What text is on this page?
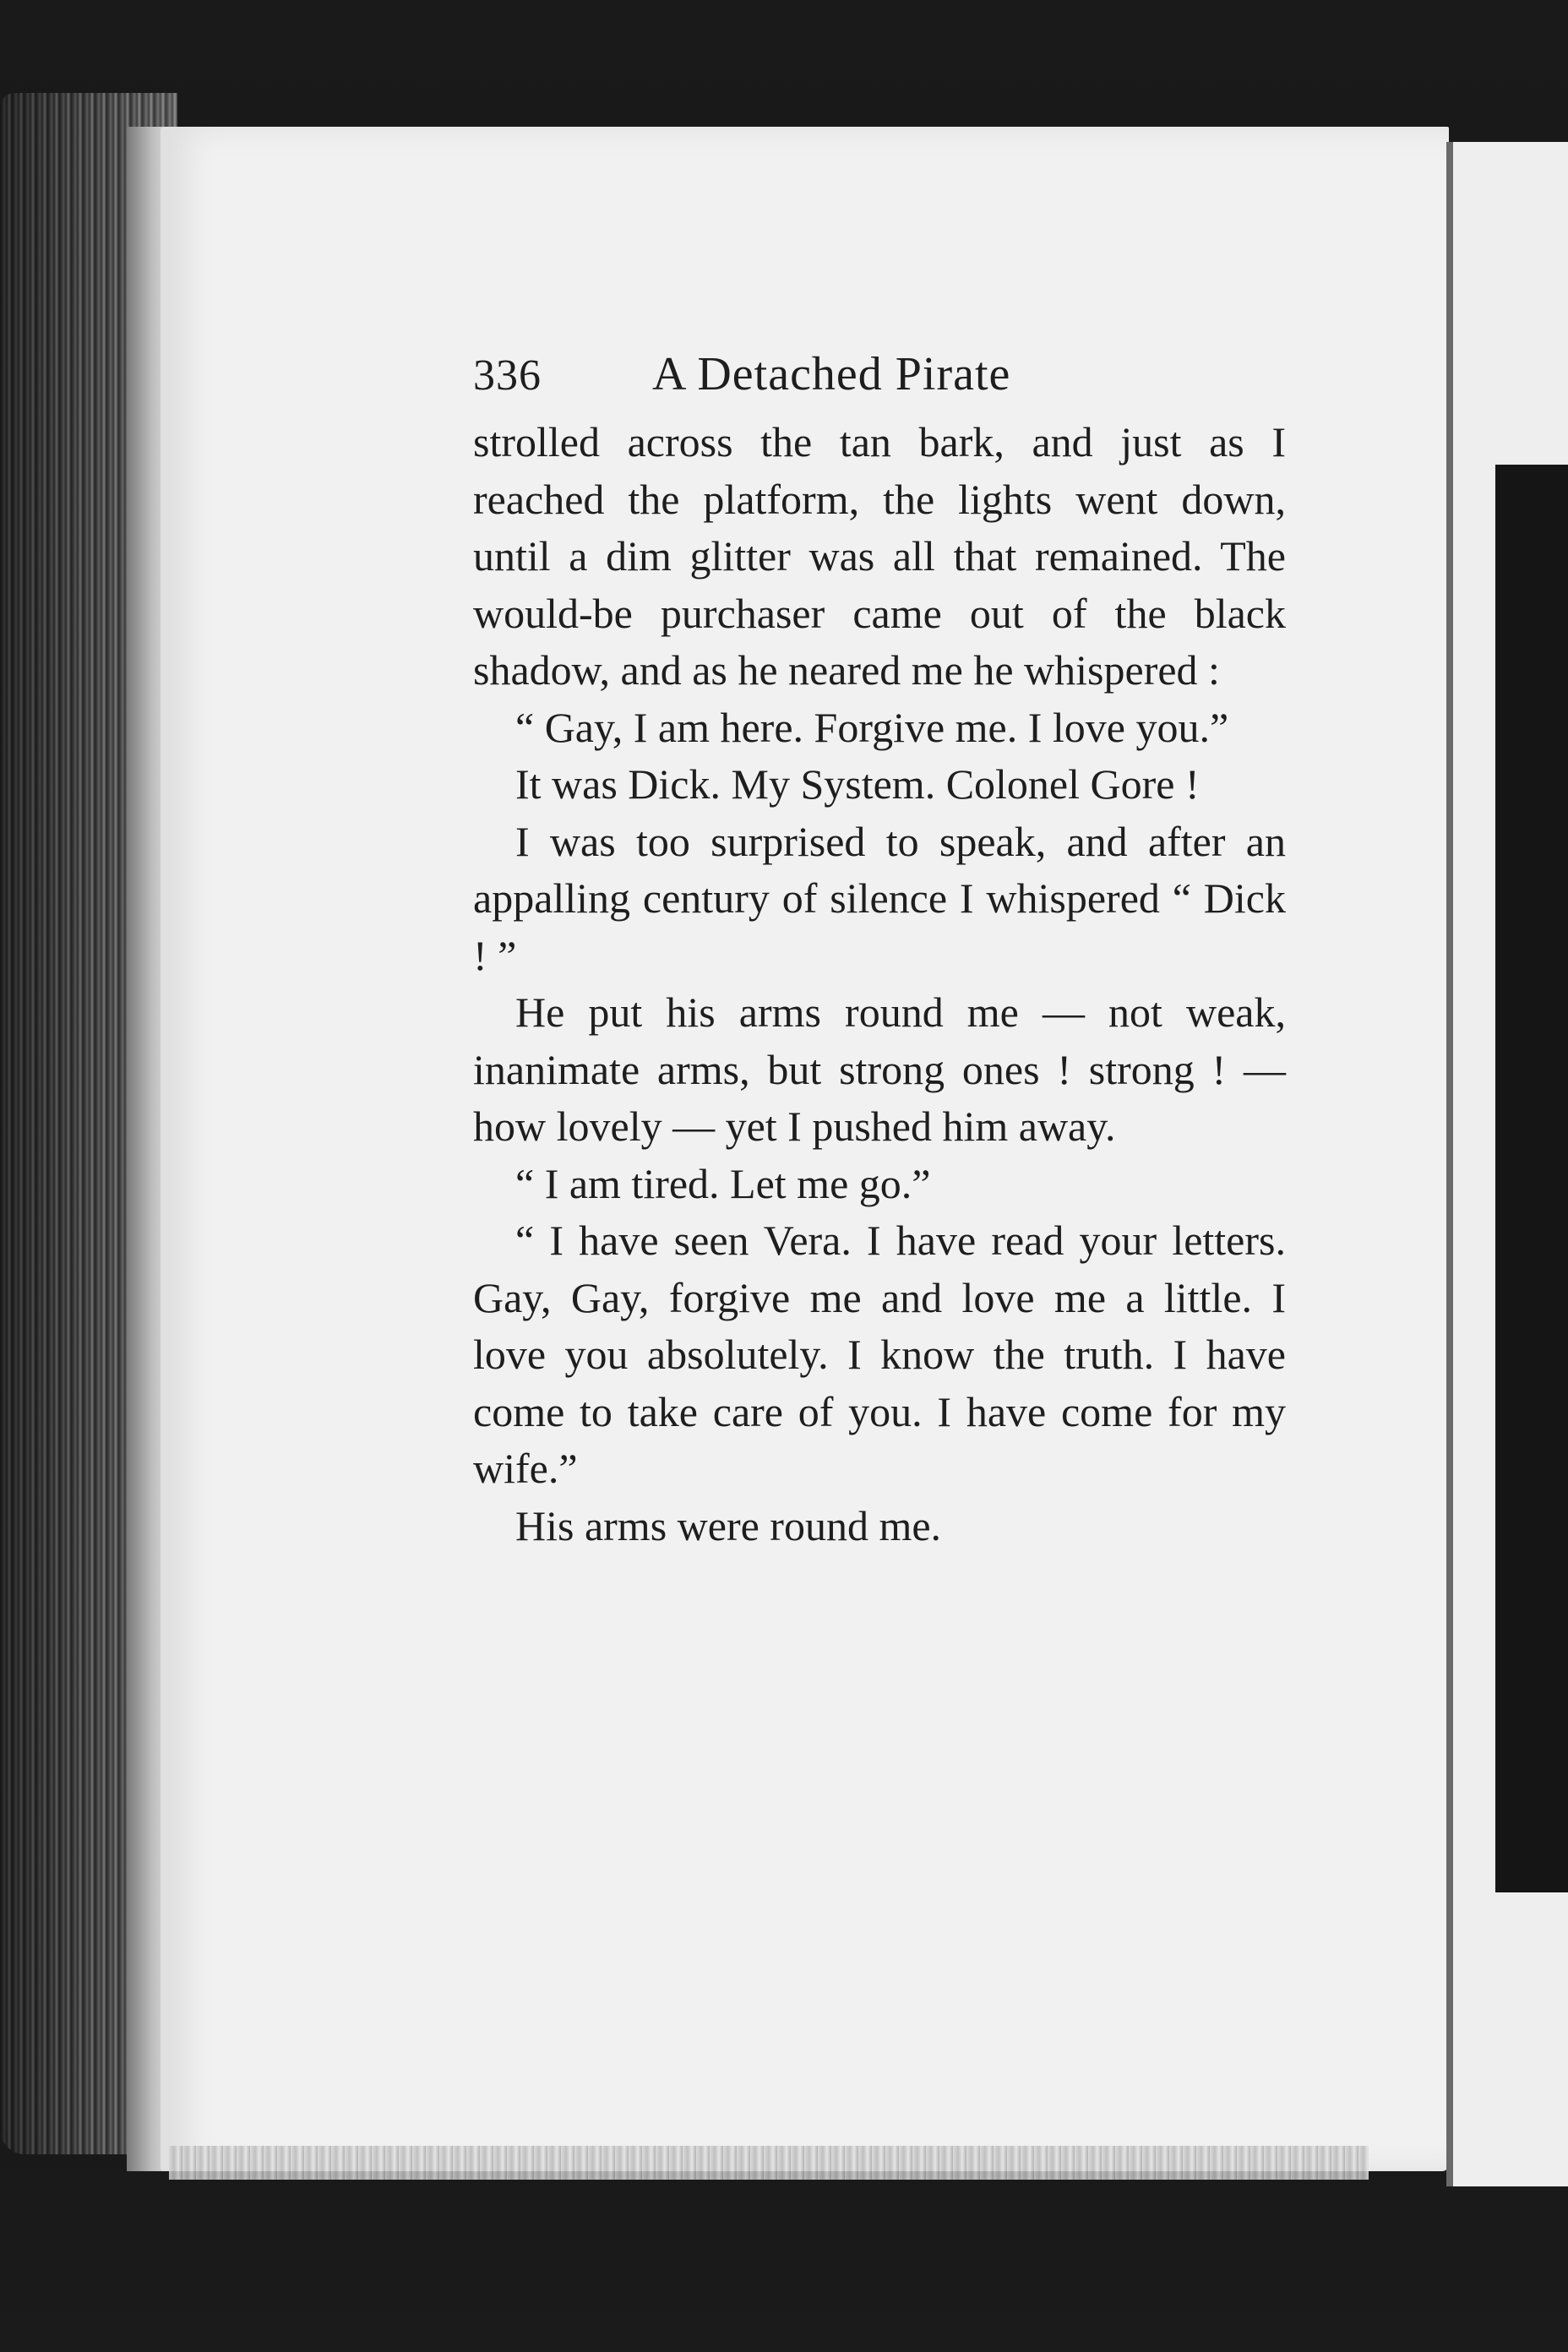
336	A Detached Pirate

strolled across the tan bark, and just as I reached the platform, the lights went down, until a dim glitter was all that remained. The would-be purchaser came out of the black shadow, and as he neared me he whispered :

“ Gay, I am here. Forgive me. I love you.”

It was Dick. My System. Colonel Gore !

I was too surprised to speak, and after an appalling century of silence I whispered “ Dick ! ”

He put his arms round me — not weak, inanimate arms, but strong ones ! strong ! — how lovely — yet I pushed him away.

“ I am tired. Let me go.”

“ I have seen Vera. I have read your letters. Gay, Gay, forgive me and love me a little. I love you absolutely. I know the truth. I have come to take care of you. I have come for my wife.”

His arms were round me.
